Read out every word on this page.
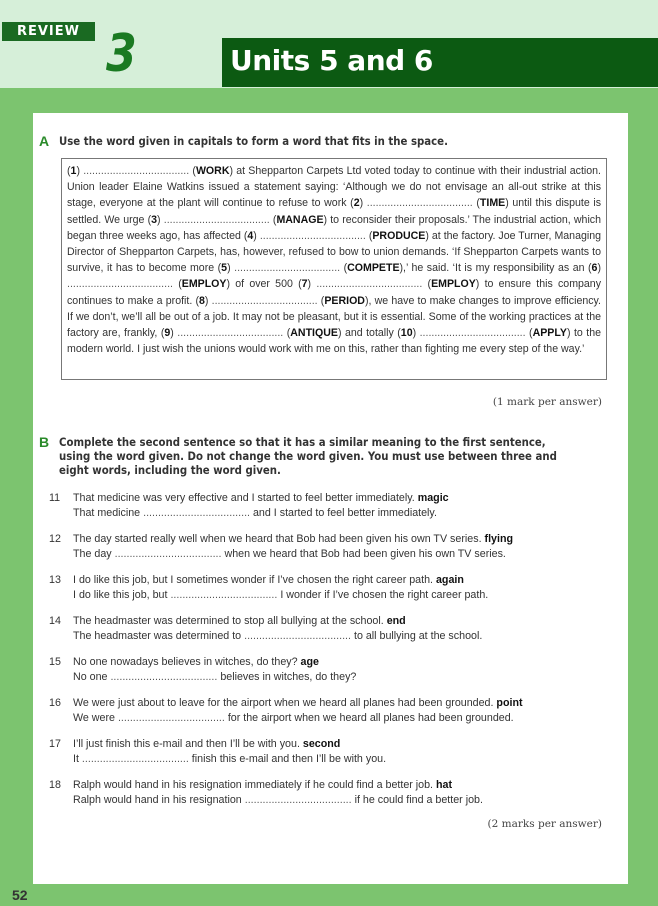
REVIEW 3	Units 5 and 6
A Use the word given in capitals to form a word that fits in the space.
(1) .................................... (WORK) at Shepparton Carpets Ltd voted today to continue with their industrial action. Union leader Elaine Watkins issued a statement saying: ‘Although we do not envisage an all-out strike at this stage, everyone at the plant will continue to refuse to work (2) .................................... (TIME) until this dispute is settled. We urge (3) .................................... (MANAGE) to reconsider their proposals.’ The industrial action, which began three weeks ago, has affected (4) .................................... (PRODUCE) at the factory. Joe Turner, Managing Director of Shepparton Carpets, has, however, refused to bow to union demands. ‘If Shepparton Carpets wants to survive, it has to become more (5) .................................... (COMPETE),’ he said. ‘It is my responsibility as an (6) .................................... (EMPLOY) of over 500 (7) .................................... (EMPLOY) to ensure this company continues to make a profit. (8) .................................... (PERIOD), we have to make changes to improve efficiency. If we don’t, we’ll all be out of a job. It may not be pleasant, but it is essential. Some of the working practices at the factory are, frankly, (9) .................................... (ANTIQUE) and totally (10) .................................... (APPLY) to the modern world. I just wish the unions would work with me on this, rather than fighting me every step of the way.’
(1 mark per answer)
B Complete the second sentence so that it has a similar meaning to the first sentence, using the word given. Do not change the word given. You must use between three and eight words, including the word given.
11	That medicine was very effective and I started to feel better immediately. magic
That medicine .................................... and I started to feel better immediately.
12	The day started really well when we heard that Bob had been given his own TV series. flying
The day .................................... when we heard that Bob had been given his own TV series.
13	I do like this job, but I sometimes wonder if I’ve chosen the right career path. again
I do like this job, but .................................... I wonder if I’ve chosen the right career path.
14	The headmaster was determined to stop all bullying at the school. end
The headmaster was determined to .................................... to all bullying at the school.
15	No one nowadays believes in witches, do they? age
No one .................................... believes in witches, do they?
16	We were just about to leave for the airport when we heard all planes had been grounded. point
We were .................................... for the airport when we heard all planes had been grounded.
17	I’ll just finish this e-mail and then I’ll be with you. second
It .................................... finish this e-mail and then I’ll be with you.
18	Ralph would hand in his resignation immediately if he could find a better job. hat
Ralph would hand in his resignation .................................... if he could find a better job.
(2 marks per answer)
52
